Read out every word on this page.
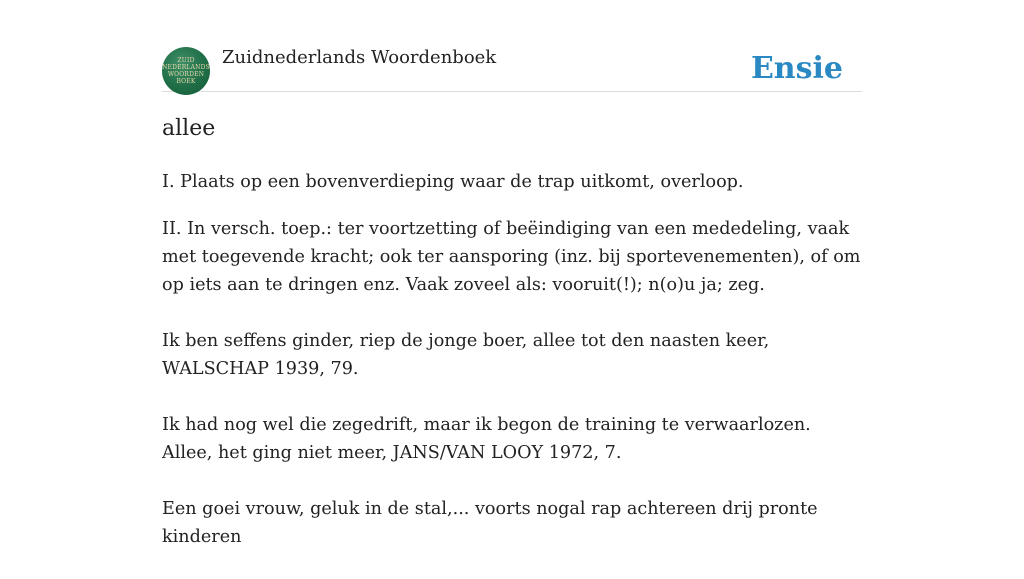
ZUID
NEDERLANDS
WOORDEN
BOEK
Zuidnederlands Woordenboek	Ensie
allee

I. Plaats op een bovenverdieping waar de trap uitkomt, overloop.

II. In versch. toep.: ter voortzetting of beëindiging van een mededeling, vaak met toegevende kracht; ook ter aansporing (inz. bij sportevenementen), of om op iets aan te dringen enz. Vaak zoveel als: vooruit(!); n(o)u ja; zeg.

Ik ben seffens ginder, riep de jonge boer, allee tot den naasten keer, WALSCHAP 1939, 79.

Ik had nog wel die zegedrift, maar ik begon de training te verwaarlozen. Allee, het ging niet meer, JANS/VAN LOOY 1972, 7.

Een goei vrouw, geluk in de stal,... voorts nogal rap achtereen drij pronte kinderen
